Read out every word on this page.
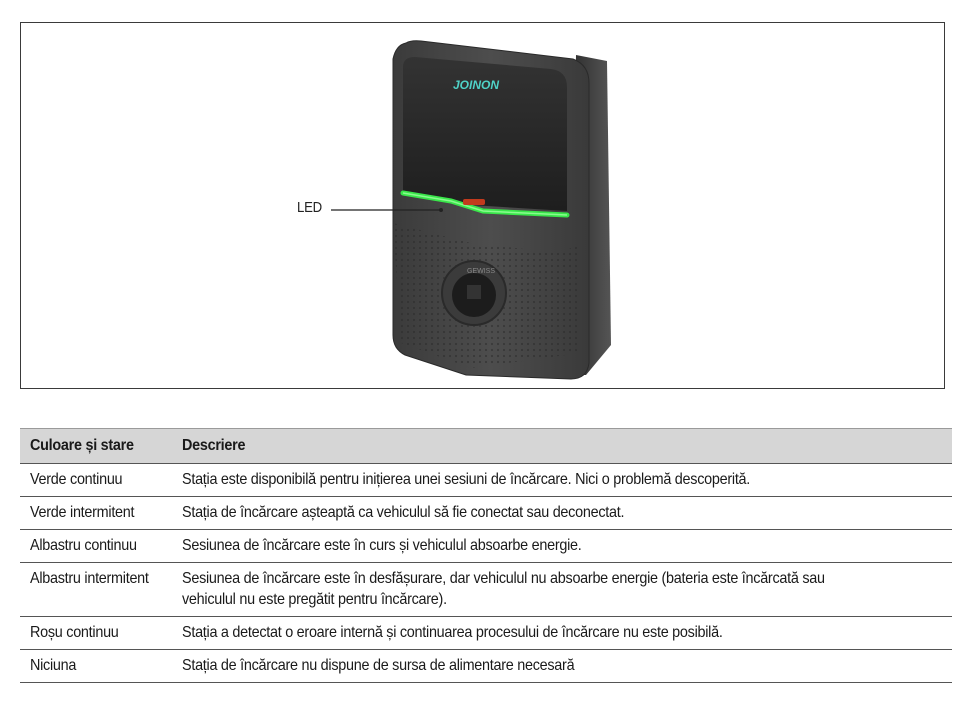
GEWISS
JOINON
LED
Culoare și stare	Descriere
Verde continuu	Stația este disponibilă pentru inițierea unei sesiuni de încărcare. Nici o problemă descoperită.
Verde intermitent	Stația de încărcare așteaptă ca vehiculul să fie conectat sau deconectat.
Albastru continuu	Sesiunea de încărcare este în curs și vehiculul absoarbe energie.
Albastru intermitent	Sesiunea de încărcare este în desfășurare, dar vehiculul nu absoarbe energie (bateria este încărcată sau vehiculul nu este pregătit pentru încărcare).
Roșu continuu	Stația a detectat o eroare internă și continuarea procesului de încărcare nu este posibilă.
Niciuna	Stația de încărcare nu dispune de sursa de alimentare necesară
